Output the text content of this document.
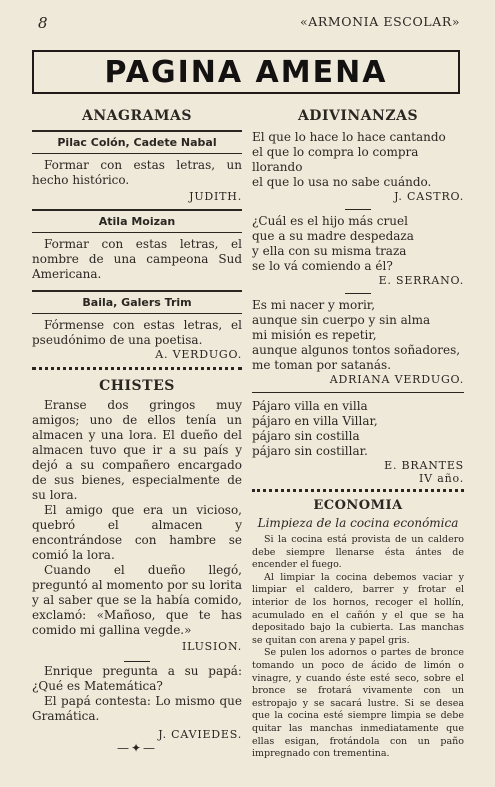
8	«ARMONIA ESCOLAR»
PAGINA AMENA
ANAGRAMAS
Pilac Colón, Cadete Nabal

Formar con estas letras, un hecho histórico.

JUDITH.
Atila Moizan

Formar con estas letras, el nombre de una campeona Sud Americana.

Baila, Galers Trim

Fórmense con estas letras, el pseudónimo de una poetisa.

A. VERDUGO.
CHISTES

Eranse dos gringos muy amigos; uno de ellos tenía un almacen y una lora. El dueño del almacen tuvo que ir a su país y dejó a su compañero encargado de sus bienes, especialmente de su lora.

El amigo que era un vicioso, quebró el almacen y encontrándose con hambre se comió la lora.

Cuando el dueño llegó, preguntó al momento por su lorita y al saber que se la había comido, exclamó: «Mañoso, que te has comido mi gallina vegde.»

ILUSION.

Enrique pregunta a su papá: ¿Qué es Matemática?

El papá contesta: Lo mismo que Gramática.

J. CAVIEDES.
—✦—
ADIVINANZAS

El que lo hace lo hace cantando

el que lo compra lo compra llorando

el que lo usa no sabe cuándo.

J. CASTRO.

¿Cuál es el hijo más cruel

que a su madre despedaza

y ella con su misma traza

se lo vá comiendo a él?

E. SERRANO.

Es mi nacer y morir,

aunque sin cuerpo y sin alma

mi misión es repetir,

aunque algunos tontos soñadores,

me toman por satanás.

ADRIANA VERDUGO.

Pájaro villa en villa

pájaro en villa Villar,

pájaro sin costilla

pájaro sin costillar.

E. BRANTES
IV año.
ECONOMIA
Limpieza de la cocina económica

Si la cocina está provista de un caldero debe siempre llenarse ésta ántes de encender el fuego.

Al limpiar la cocina debemos vaciar y limpiar el caldero, barrer y frotar el interior de los hornos, recoger el hollín, acumulado en el cañón y el que se ha depositado bajo la cubierta. Las manchas se quitan con arena y papel gris.

Se pulen los adornos o partes de bronce tomando un poco de ácido de limón o vinagre, y cuando éste esté seco, sobre el bronce se frotará vivamente con un estropajo y se sacará lustre. Si se desea que la cocina esté siempre limpia se debe quitar las manchas inmediatamente que ellas esigan, frotándola con un paño impregnado con trementina.
